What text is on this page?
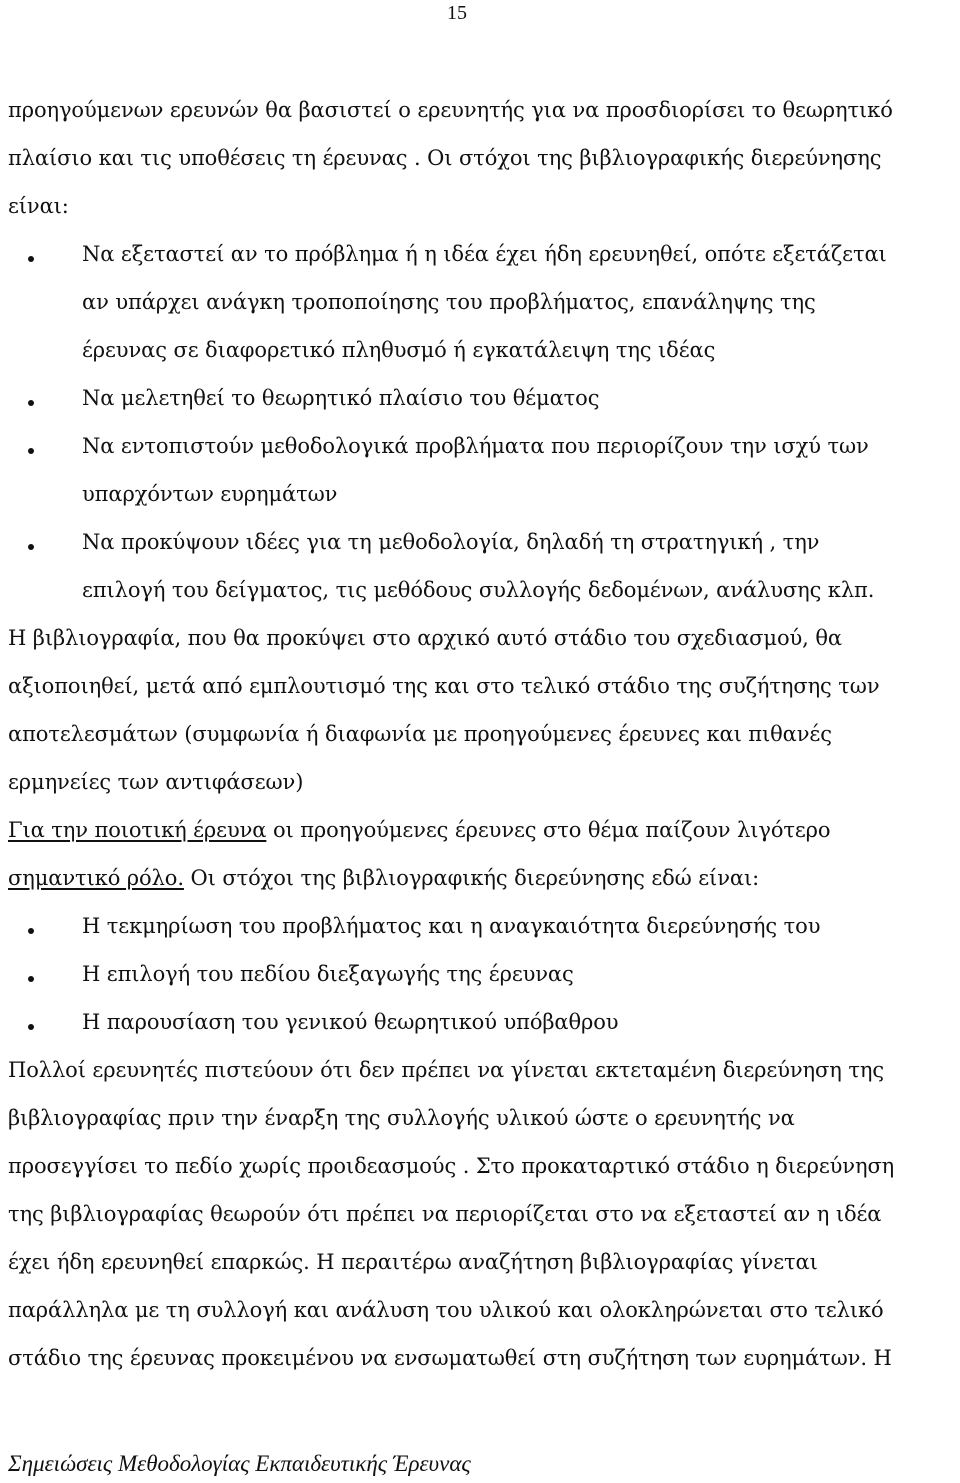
15
προηγούμενων ερευνών θα βασιστεί ο ερευνητής για να προσδιορίσει το θεωρητικό
πλαίσιο και τις υποθέσεις τη έρευνας . Οι στόχοι της βιβλιογραφικής διερεύνησης
είναι:
Να εξεταστεί αν το πρόβλημα ή η ιδέα έχει ήδη ερευνηθεί, οπότε εξετάζεται
αν υπάρχει ανάγκη τροποποίησης του προβλήματος, επανάληψης της
έρευνας σε διαφορετικό πληθυσμό ή εγκατάλειψη της ιδέας
Να μελετηθεί το θεωρητικό πλαίσιο του θέματος
Να εντοπιστούν μεθοδολογικά προβλήματα που περιορίζουν την ισχύ των
υπαρχόντων ευρημάτων
Να προκύψουν ιδέες για τη μεθοδολογία, δηλαδή τη στρατηγική , την
επιλογή του δείγματος, τις μεθόδους συλλογής δεδομένων, ανάλυσης κλπ.
Η βιβλιογραφία, που θα προκύψει στο αρχικό αυτό στάδιο του σχεδιασμού, θα
αξιοποιηθεί, μετά από εμπλουτισμό της και στο τελικό στάδιο της συζήτησης των
αποτελεσμάτων (συμφωνία ή διαφωνία με προηγούμενες έρευνες και πιθανές
ερμηνείες των αντιφάσεων)
Για την ποιοτική έρευνα οι προηγούμενες έρευνες στο θέμα παίζουν λιγότερο
σημαντικό ρόλο. Οι στόχοι της βιβλιογραφικής διερεύνησης εδώ είναι:
Η τεκμηρίωση του προβλήματος και η αναγκαιότητα διερεύνησής του
Η επιλογή του πεδίου διεξαγωγής της έρευνας
Η παρουσίαση του γενικού θεωρητικού υπόβαθρου
Πολλοί ερευνητές πιστεύουν ότι δεν πρέπει να γίνεται εκτεταμένη διερεύνηση της
βιβλιογραφίας πριν την έναρξη της συλλογής υλικού ώστε ο ερευνητής να
προσεγγίσει το πεδίο χωρίς προιδεασμούς . Στο προκαταρτικό στάδιο η διερεύνηση
της βιβλιογραφίας θεωρούν ότι πρέπει να περιορίζεται στο να εξεταστεί αν η ιδέα
έχει ήδη ερευνηθεί επαρκώς. Η περαιτέρω αναζήτηση βιβλιογραφίας γίνεται
παράλληλα με τη συλλογή και ανάλυση του υλικού και ολοκληρώνεται στο τελικό
στάδιο της έρευνας προκειμένου να ενσωματωθεί στη συζήτηση των ευρημάτων. Η
Σημειώσεις Μεθοδολογίας Εκπαιδευτικής Έρευνας
